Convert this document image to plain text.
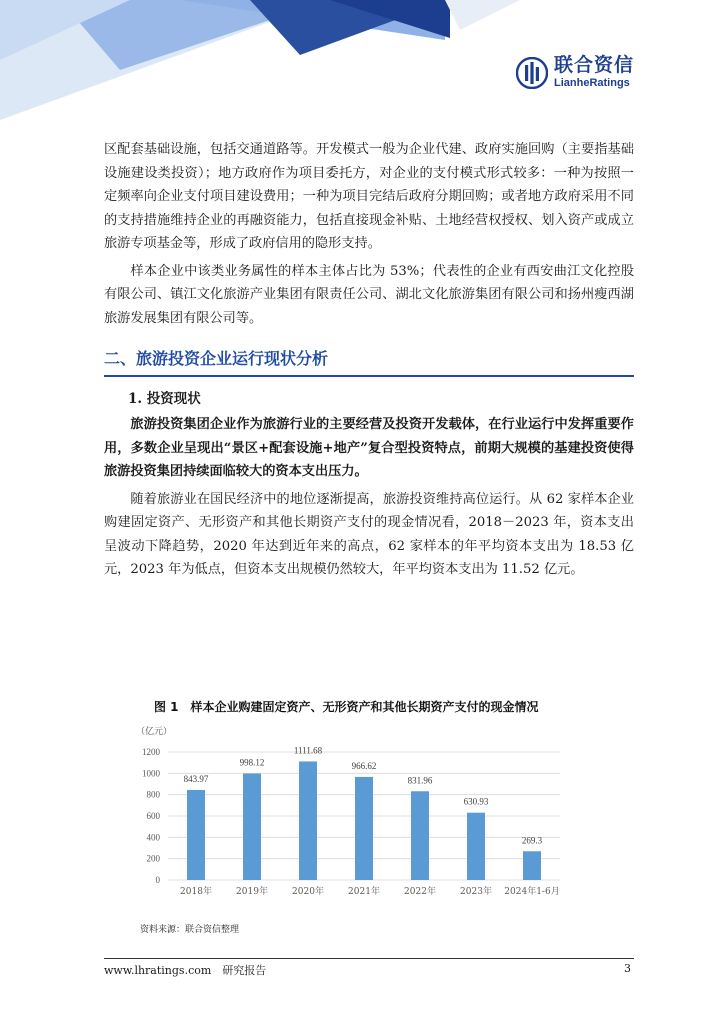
联合资信
LianheRatings

区配套基础设施，包括交通道路等。开发模式一般为企业代建、政府实施回购（主要指基础设施建设类投资）；地方政府作为项目委托方，对企业的支付模式形式较多：一种为按照一定频率向企业支付项目建设费用；一种为项目完结后政府分期回购；或者地方政府采用不同的支持措施维持企业的再融资能力，包括直接现金补贴、土地经营权授权、划入资产或成立旅游专项基金等，形成了政府信用的隐形支持。

样本企业中该类业务属性的样本主体占比为 53%；代表性的企业有西安曲江文化控股有限公司、镇江文化旅游产业集团有限责任公司、湖北文化旅游集团有限公司和扬州瘦西湖旅游发展集团有限公司等。

二、旅游投资企业运行现状分析
1. 投资现状

旅游投资集团企业作为旅游行业的主要经营及投资开发载体，在行业运行中发挥重要作用，多数企业呈现出“景区+配套设施+地产”复合型投资特点，前期大规模的基建投资使得旅游投资集团持续面临较大的资本支出压力。

随着旅游业在国民经济中的地位逐渐提高，旅游投资维持高位运行。从 62 家样本企业购建固定资产、无形资产和其他长期资产支付的现金情况看，2018－2023 年，资本支出呈波动下降趋势，2020 年达到近年来的高点，62 家样本的年平均资本支出为 18.53 亿元，2023 年为低点，但资本支出规模仍然较大，年平均资本支出为 11.52 亿元。

图 1　样本企业购建固定资产、无形资产和其他长期资产支付的现金情况
（亿元）
0
200
400
600
800
1000
1200
843.97
2018年
998.12
2019年
1111.68
2020年
966.62
2021年
831.96
2022年
630.93
2023年
269.3
2024年1-6月
资料来源：联合资信整理
www.lhratings.com　研究报告	3
